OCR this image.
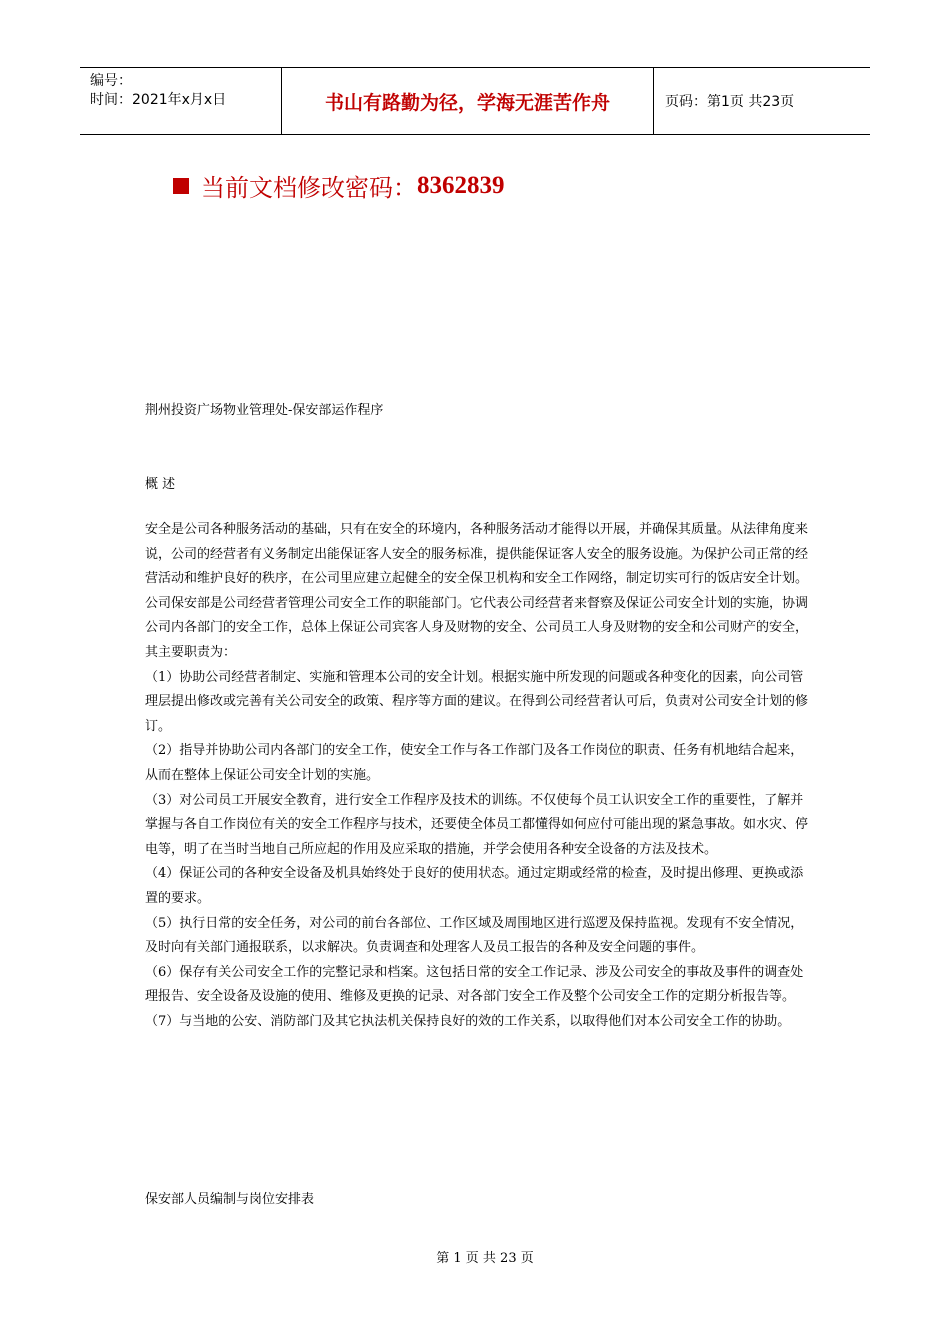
编号：
时间：2021年x月x日	书山有路勤为径，学海无涯苦作舟	页码：第1页 共23页
当前文档修改密码： 8362839
荆州投资广场物业管理处-保安部运作程序
概 述

安全是公司各种服务活动的基础，只有在安全的环境内，各种服务活动才能得以开展，并确保其质量。从法律角度来说，公司的经营者有义务制定出能保证客人安全的服务标准，提供能保证客人安全的服务设施。为保护公司正常的经营活动和维护良好的秩序，在公司里应建立起健全的安全保卫机构和安全工作网络，制定切实可行的饭店安全计划。

公司保安部是公司经营者管理公司安全工作的职能部门。它代表公司经营者来督察及保证公司安全计划的实施，协调公司内各部门的安全工作，总体上保证公司宾客人身及财物的安全、公司员工人身及财物的安全和公司财产的安全，其主要职责为：

（1）协助公司经营者制定、实施和管理本公司的安全计划。根据实施中所发现的问题或各种变化的因素，向公司管理层提出修改或完善有关公司安全的政策、程序等方面的建议。在得到公司经营者认可后，负责对公司安全计划的修订。

（2）指导并协助公司内各部门的安全工作，使安全工作与各工作部门及各工作岗位的职责、任务有机地结合起来，从而在整体上保证公司安全计划的实施。

（3）对公司员工开展安全教育，进行安全工作程序及技术的训练。不仅使每个员工认识安全工作的重要性，了解并掌握与各自工作岗位有关的安全工作程序与技术，还要使全体员工都懂得如何应付可能出现的紧急事故。如水灾、停电等，明了在当时当地自己所应起的作用及应采取的措施，并学会使用各种安全设备的方法及技术。

（4）保证公司的各种安全设备及机具始终处于良好的使用状态。通过定期或经常的检查，及时提出修理、更换或添置的要求。

（5）执行日常的安全任务，对公司的前台各部位、工作区域及周围地区进行巡逻及保持监视。发现有不安全情况，及时向有关部门通报联系，以求解决。负责调查和处理客人及员工报告的各种及安全问题的事件。

（6）保存有关公司安全工作的完整记录和档案。这包括日常的安全工作记录、涉及公司安全的事故及事件的调查处理报告、安全设备及设施的使用、维修及更换的记录、对各部门安全工作及整个公司安全工作的定期分析报告等。

（7）与当地的公安、消防部门及其它执法机关保持良好的效的工作关系，以取得他们对本公司安全工作的协助。

保安部人员编制与岗位安排表
第 1 页 共 23 页
